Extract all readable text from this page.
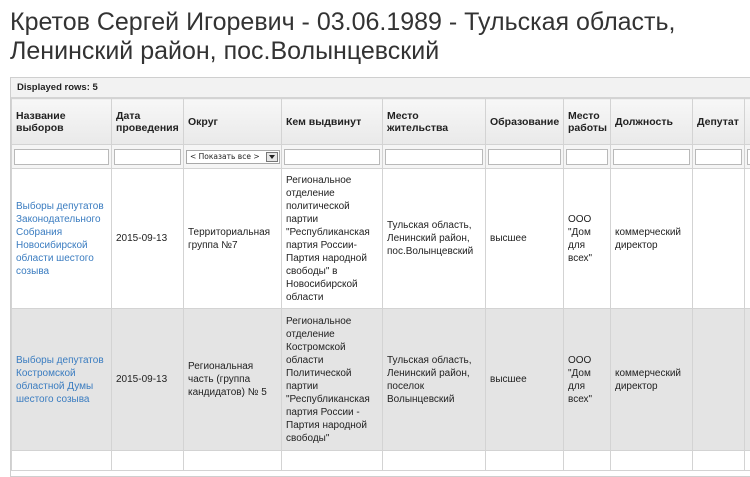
Кретов Сергей Игоревич - 03.06.1989 - Тульская область, Ленинский район, пос.Волынцевский
Displayed rows: 5
Название выборов	Дата проведения	Округ	Кем выдвинут	Место жительства	Образование	Место работы	Должность	Депутат	

		< Показать все >							

Выборы депутатов Законодательного Собрания Новосибирской области шестого созыва	2015-09-13	Территориальная группа №7	Региональное отделение политической партии "Республиканская партия России- Партия народной свободы" в Новосибирской области	Тульская область, Ленинский район, пос.Волынцевский	высшее	ООО "Дом для всех"	коммерческий директор		
Выборы депутатов Костромской областной Думы шестого созыва	2015-09-13	Региональная часть (группа кандидатов) № 5	Региональное отделение Костромской области Политической партии "Республиканская партия России - Партия народной свободы"	Тульская область, Ленинский район, поселок Волынцевский	высшее	ООО "Дом для всех"	коммерческий директор		
